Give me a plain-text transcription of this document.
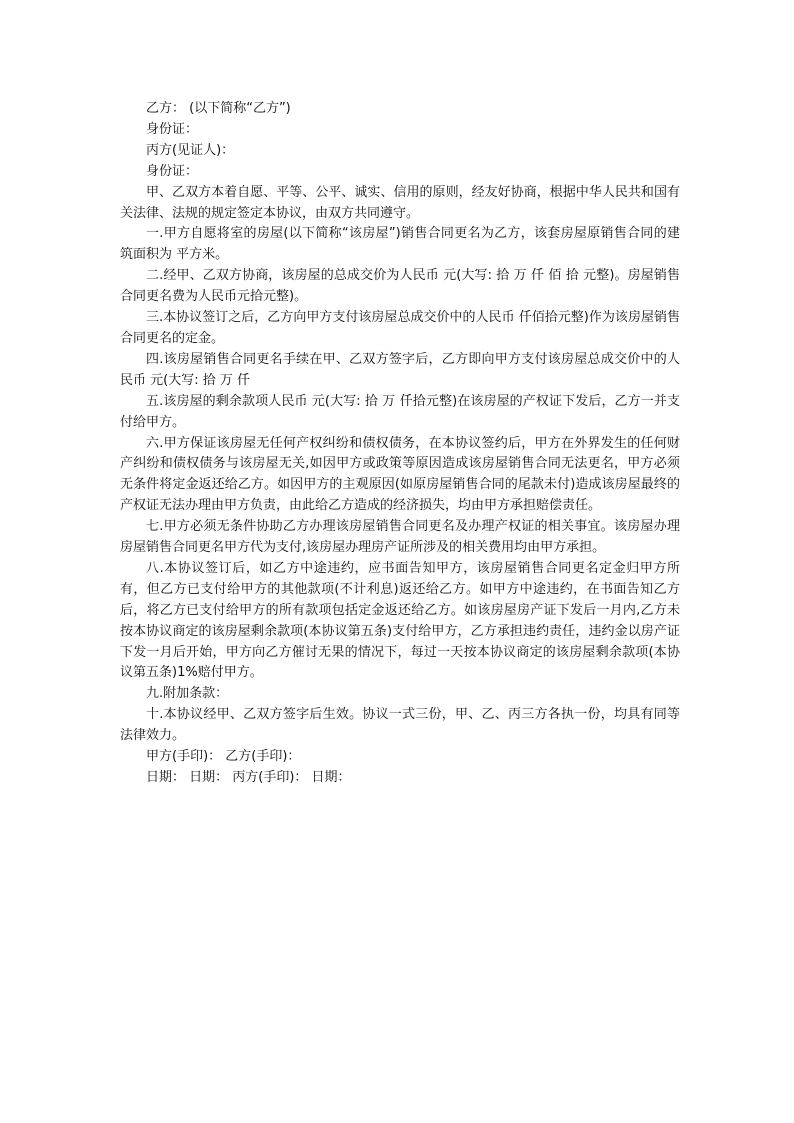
乙方： (以下简称“乙方”)

身份证：

丙方(见证人)：

身份证：

甲、乙双方本着自愿、平等、公平、诚实、信用的原则，经友好协商，根据中华人民共和国有关法律、法规的规定签定本协议，由双方共同遵守。

一.甲方自愿将室的房屋(以下简称“该房屋”)销售合同更名为乙方，该套房屋原销售合同的建筑面积为 平方米。

二.经甲、乙双方协商，该房屋的总成交价为人民币 元(大写: 拾 万 仟 佰 拾 元整)。房屋销售合同更名费为人民币元拾元整)。

三.本协议签订之后，乙方向甲方支付该房屋总成交价中的人民币 仟佰拾元整)作为该房屋销售合同更名的定金。

四.该房屋销售合同更名手续在甲、乙双方签字后，乙方即向甲方支付该房屋总成交价中的人民币 元(大写: 拾 万 仟

五.该房屋的剩余款项人民币 元(大写: 拾 万 仟拾元整)在该房屋的产权证下发后，乙方一并支付给甲方。

六.甲方保证该房屋无任何产权纠纷和债权债务，在本协议签约后，甲方在外界发生的任何财产纠纷和债权债务与该房屋无关,如因甲方或政策等原因造成该房屋销售合同无法更名，甲方必须无条件将定金返还给乙方。如因甲方的主观原因(如原房屋销售合同的尾款未付)造成该房屋最终的产权证无法办理由甲方负责，由此给乙方造成的经济损失，均由甲方承担赔偿责任。

七.甲方必须无条件协助乙方办理该房屋销售合同更名及办理产权证的相关事宜。该房屋办理房屋销售合同更名甲方代为支付,该房屋办理房产证所涉及的相关费用均由甲方承担。

八.本协议签订后，如乙方中途违约，应书面告知甲方，该房屋销售合同更名定金归甲方所有，但乙方已支付给甲方的其他款项(不计利息)返还给乙方。如甲方中途违约，在书面告知乙方后，将乙方已支付给甲方的所有款项包括定金返还给乙方。如该房屋房产证下发后一月内,乙方未按本协议商定的该房屋剩余款项(本协议第五条)支付给甲方，乙方承担违约责任，违约金以房产证下发一月后开始，甲方向乙方催讨无果的情况下，每过一天按本协议商定的该房屋剩余款项(本协议第五条)1%赔付甲方。

九.附加条款：

十.本协议经甲、乙双方签字后生效。协议一式三份，甲、乙、丙三方各执一份，均具有同等法律效力。

甲方(手印)： 乙方(手印)：

日期： 日期： 丙方(手印)： 日期：
